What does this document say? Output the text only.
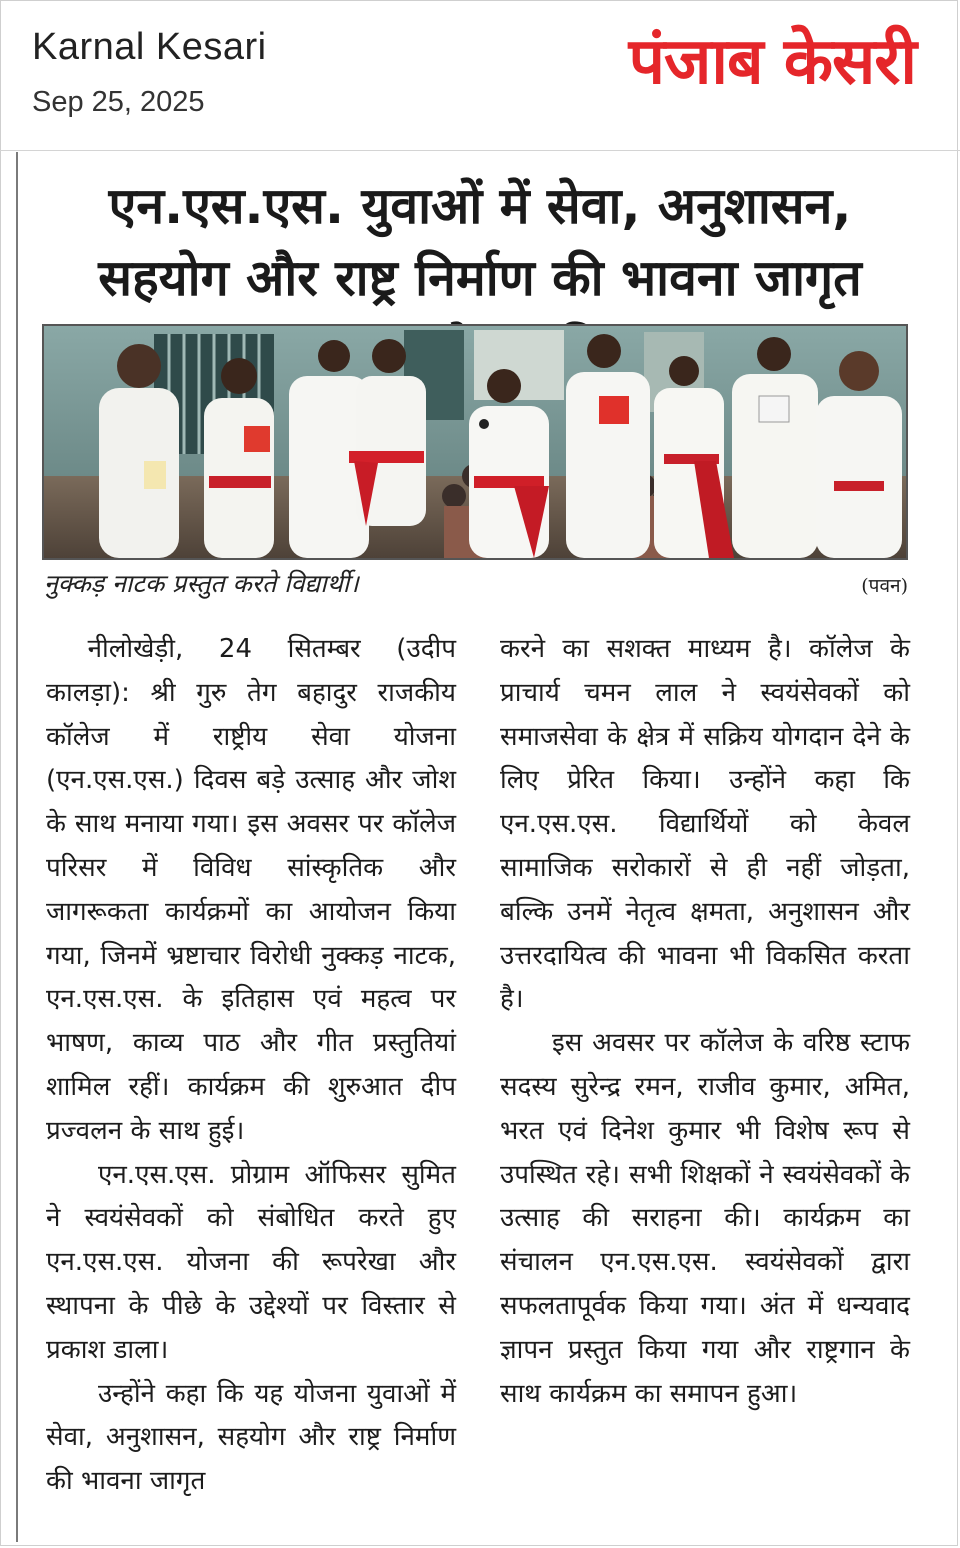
Karnal Kesari
Sep 25, 2025
पंजाब केसरी
एन.एस.एस. युवाओं में सेवा, अनुशासन, सहयोग और राष्ट्र निर्माण की भावना जागृत
नुक्कड़ नाटक प्रस्तुत करते विद्यार्थी।	(पवन)

नीलोखेड़ी, 24 सितम्बर (उदीप कालड़ा): श्री गुरु तेग बहादुर राजकीय कॉलेज में राष्ट्रीय सेवा योजना (एन.एस.एस.) दिवस बड़े उत्साह और जोश के साथ मनाया गया। इस अवसर पर कॉलेज परिसर में विविध सांस्कृतिक और जागरूकता कार्यक्रमों का आयोजन किया गया, जिनमें भ्रष्टाचार विरोधी नुक्कड़ नाटक, एन.एस.एस. के इतिहास एवं महत्व पर भाषण, काव्य पाठ और गीत प्रस्तुतियां शामिल रहीं। कार्यक्रम की शुरुआत दीप प्रज्वलन के साथ हुई।

एन.एस.एस. प्रोग्राम ऑफिसर सुमित ने स्वयंसेवकों को संबोधित करते हुए एन.एस.एस. योजना की रूपरेखा और स्थापना के पीछे के उद्देश्यों पर विस्तार से प्रकाश डाला।

उन्होंने कहा कि यह योजना युवाओं में सेवा, अनुशासन, सहयोग और राष्ट्र निर्माण की भावना जागृत

करने का सशक्त माध्यम है। कॉलेज के प्राचार्य चमन लाल ने स्वयंसेवकों को समाजसेवा के क्षेत्र में सक्रिय योगदान देने के लिए प्रेरित किया। उन्होंने कहा कि एन.एस.एस. विद्यार्थियों को केवल सामाजिक सरोकारों से ही नहीं जोड़ता, बल्कि उनमें नेतृत्व क्षमता, अनुशासन और उत्तरदायित्व की भावना भी विकसित करता है।

इस अवसर पर कॉलेज के वरिष्ठ स्टाफ सदस्य सुरेन्द्र रमन, राजीव कुमार, अमित, भरत एवं दिनेश कुमार भी विशेष रूप से उपस्थित रहे। सभी शिक्षकों ने स्वयंसेवकों के उत्साह की सराहना की। कार्यक्रम का संचालन एन.एस.एस. स्वयंसेवकों द्वारा सफलतापूर्वक किया गया। अंत में धन्यवाद ज्ञापन प्रस्तुत किया गया और राष्ट्रगान के साथ कार्यक्रम का समापन हुआ।
